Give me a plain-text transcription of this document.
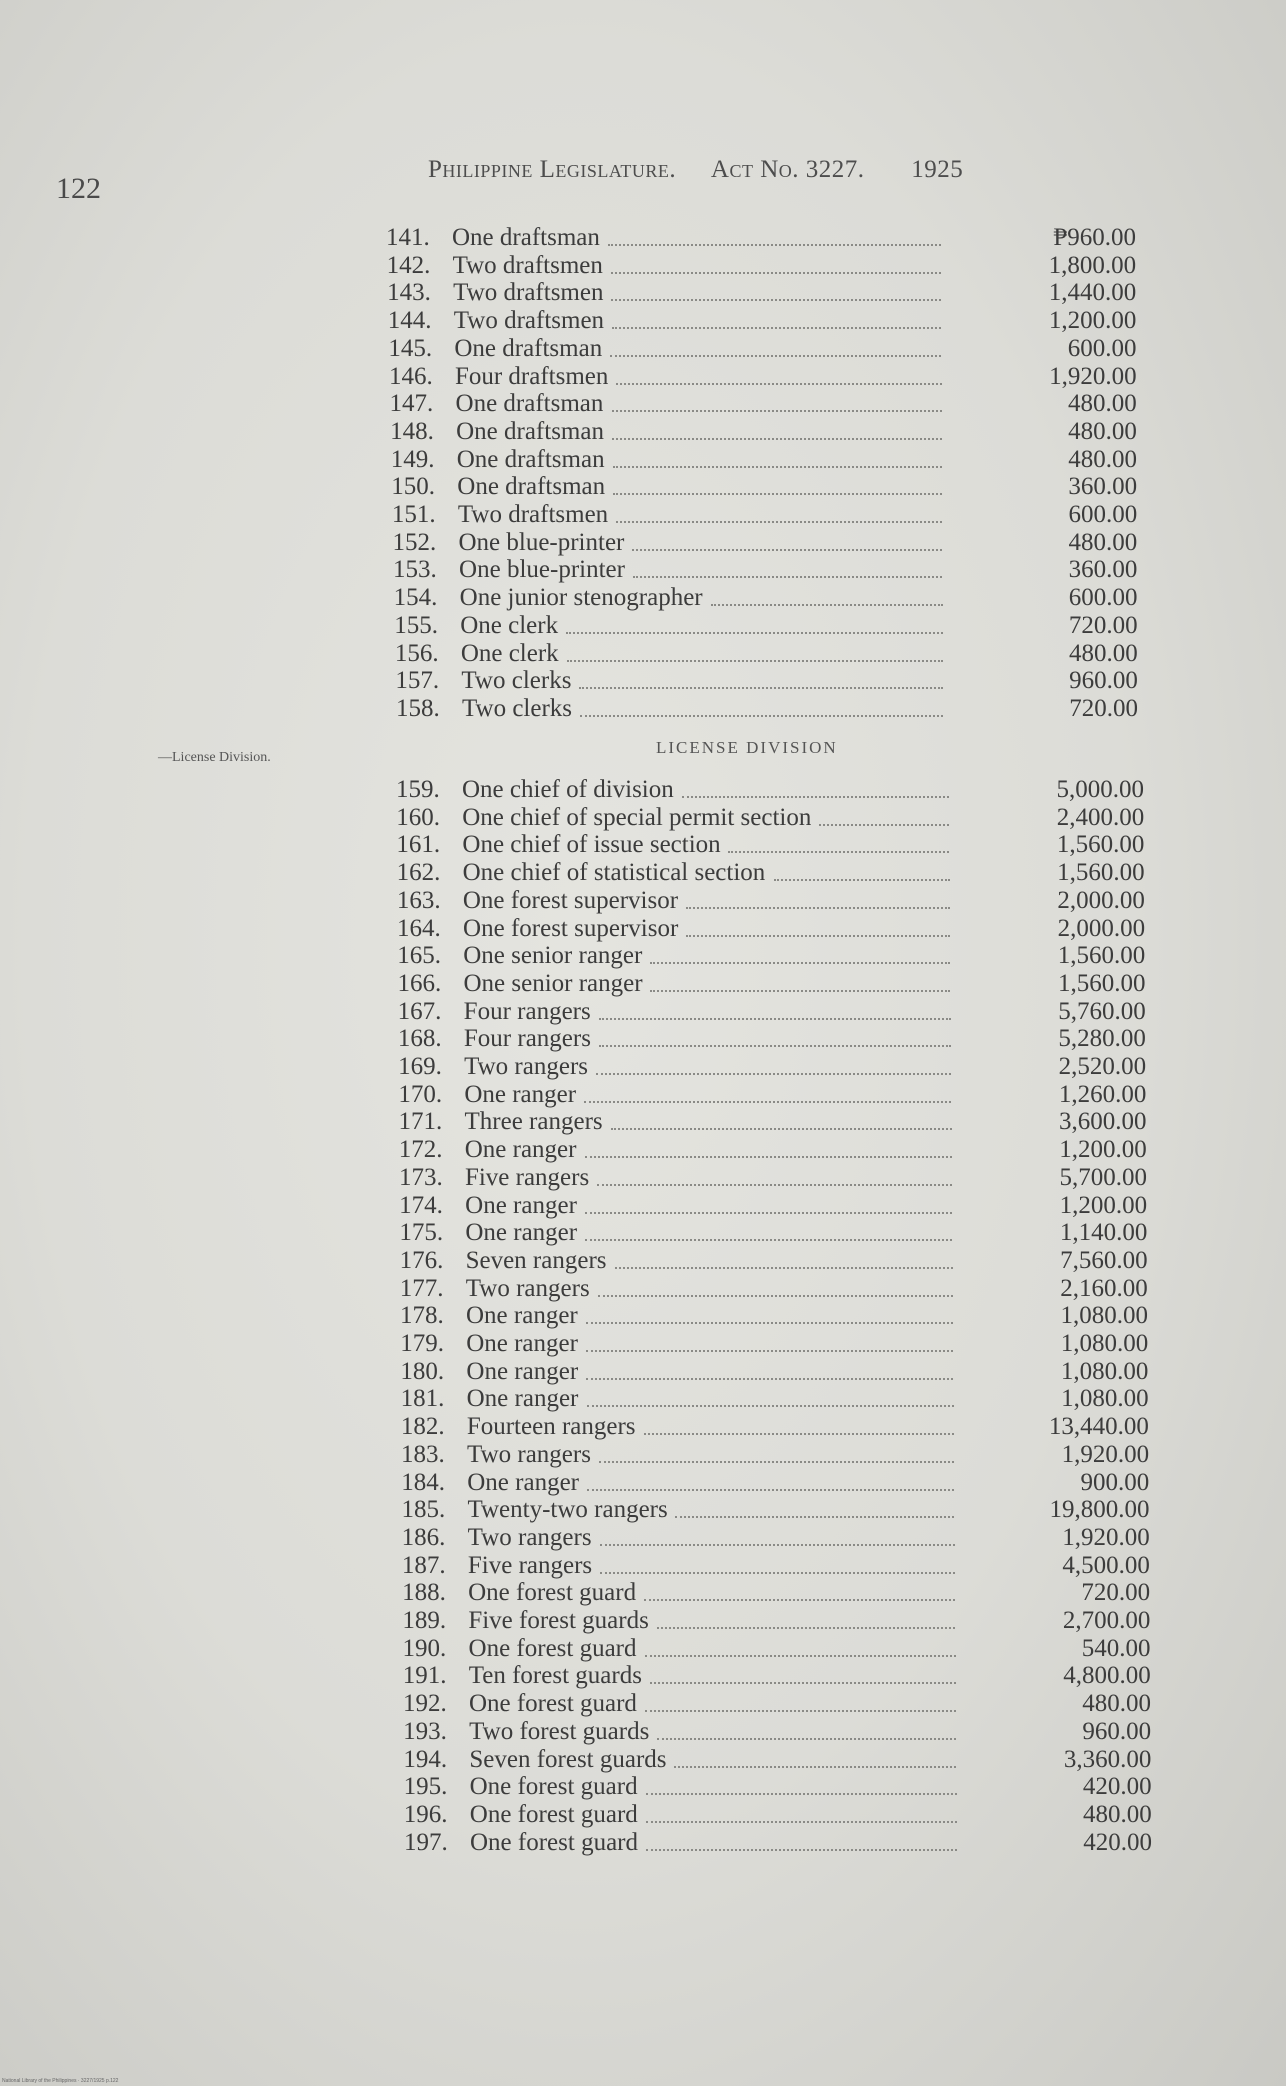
122
Philippine Legislature. Act No. 3227. 1925
—License Division.
LICENSE DIVISION
141. One draftsman	₱960.00
142. Two draftsmen	1,800.00
143. Two draftsmen	1,440.00
144. Two draftsmen	1,200.00
145. One draftsman	600.00
146. Four draftsmen	1,920.00
147. One draftsman	480.00
148. One draftsman	480.00
149. One draftsman	480.00
150. One draftsman	360.00
151. Two draftsmen	600.00
152. One blue-printer	480.00
153. One blue-printer	360.00
154. One junior stenographer	600.00
155. One clerk	720.00
156. One clerk	480.00
157. Two clerks	960.00
158. Two clerks	720.00
159. One chief of division	5,000.00
160. One chief of special permit section	2,400.00
161. One chief of issue section	1,560.00
162. One chief of statistical section	1,560.00
163. One forest supervisor	2,000.00
164. One forest supervisor	2,000.00
165. One senior ranger	1,560.00
166. One senior ranger	1,560.00
167. Four rangers	5,760.00
168. Four rangers	5,280.00
169. Two rangers	2,520.00
170. One ranger	1,260.00
171. Three rangers	3,600.00
172. One ranger	1,200.00
173. Five rangers	5,700.00
174. One ranger	1,200.00
175. One ranger	1,140.00
176. Seven rangers	7,560.00
177. Two rangers	2,160.00
178. One ranger	1,080.00
179. One ranger	1,080.00
180. One ranger	1,080.00
181. One ranger	1,080.00
182. Fourteen rangers	13,440.00
183. Two rangers	1,920.00
184. One ranger	900.00
185. Twenty-two rangers	19,800.00
186. Two rangers	1,920.00
187. Five rangers	4,500.00
188. One forest guard	720.00
189. Five forest guards	2,700.00
190. One forest guard	540.00
191. Ten forest guards	4,800.00
192. One forest guard	480.00
193. Two forest guards	960.00
194. Seven forest guards	3,360.00
195. One forest guard	420.00
196. One forest guard	480.00
197. One forest guard	420.00
National Library of the Philippines · 3227/1925 p.122
